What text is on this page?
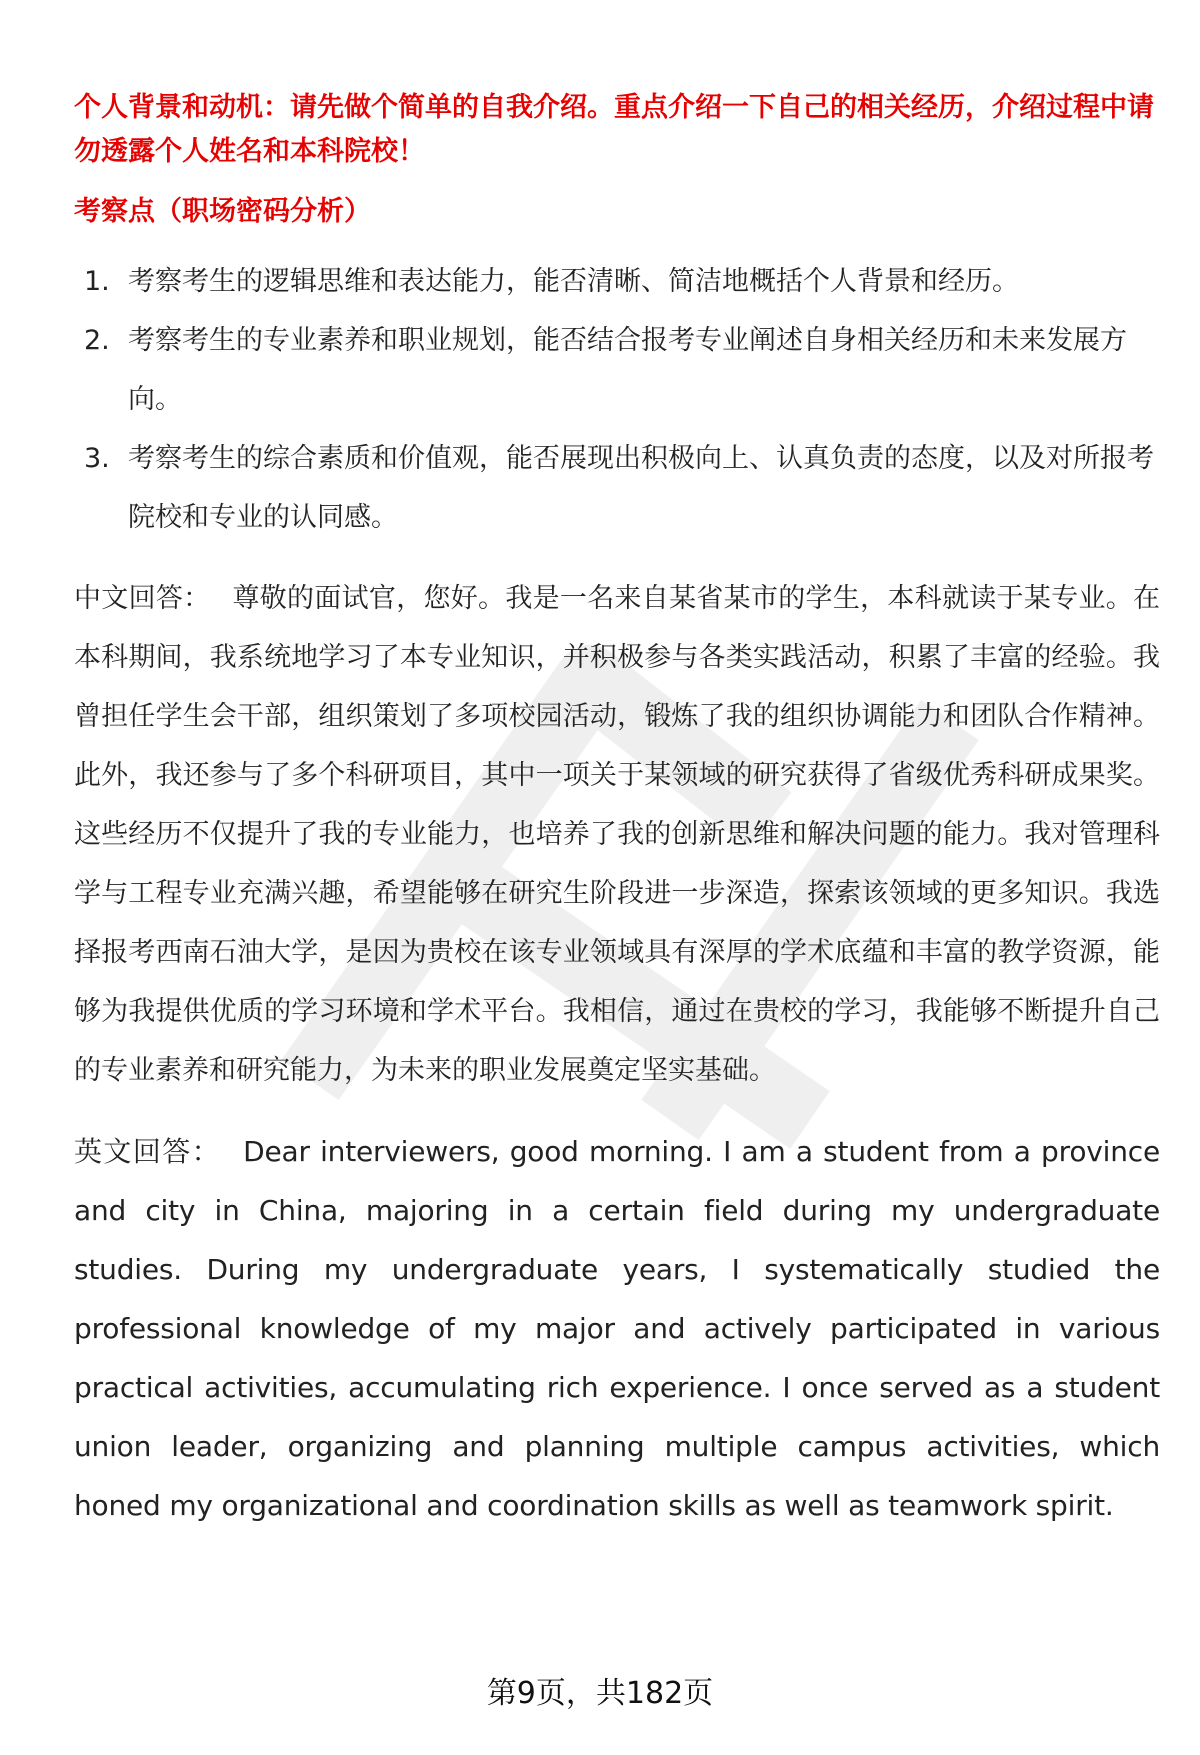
个人背景和动机：请先做个简单的自我介绍。重点介绍一下自己的相关经历，介绍过程中请勿透露个人姓名和本科院校！

考察点（职场密码分析）

1. 考察考生的逻辑思维和表达能力，能否清晰、简洁地概括个人背景和经历。
2. 考察考生的专业素养和职业规划，能否结合报考专业阐述自身相关经历和未来发展方向。
3. 考察考生的综合素质和价值观，能否展现出积极向上、认真负责的态度，以及对所报考院校和专业的认同感。

中文回答： 尊敬的面试官，您好。我是一名来自某省某市的学生，本科就读于某专业。在本科期间，我系统地学习了本专业知识，并积极参与各类实践活动，积累了丰富的经验。我曾担任学生会干部，组织策划了多项校园活动，锻炼了我的组织协调能力和团队合作精神。此外，我还参与了多个科研项目，其中一项关于某领域的研究获得了省级优秀科研成果奖。这些经历不仅提升了我的专业能力，也培养了我的创新思维和解决问题的能力。我对管理科学与工程专业充满兴趣，希望能够在研究生阶段进一步深造，探索该领域的更多知识。我选择报考西南石油大学，是因为贵校在该专业领域具有深厚的学术底蕴和丰富的教学资源，能够为我提供优质的学习环境和学术平台。我相信，通过在贵校的学习，我能够不断提升自己的专业素养和研究能力，为未来的职业发展奠定坚实基础。

英文回答： Dear interviewers, good morning. I am a student from a province and city in China, majoring in a certain field during my undergraduate studies. During my undergraduate years, I systematically studied the professional knowledge of my major and actively participated in various practical activities, accumulating rich experience. I once served as a student union leader, organizing and planning multiple campus activities, which honed my organizational and coordination skills as well as teamwork spirit.

第9页，共182页
